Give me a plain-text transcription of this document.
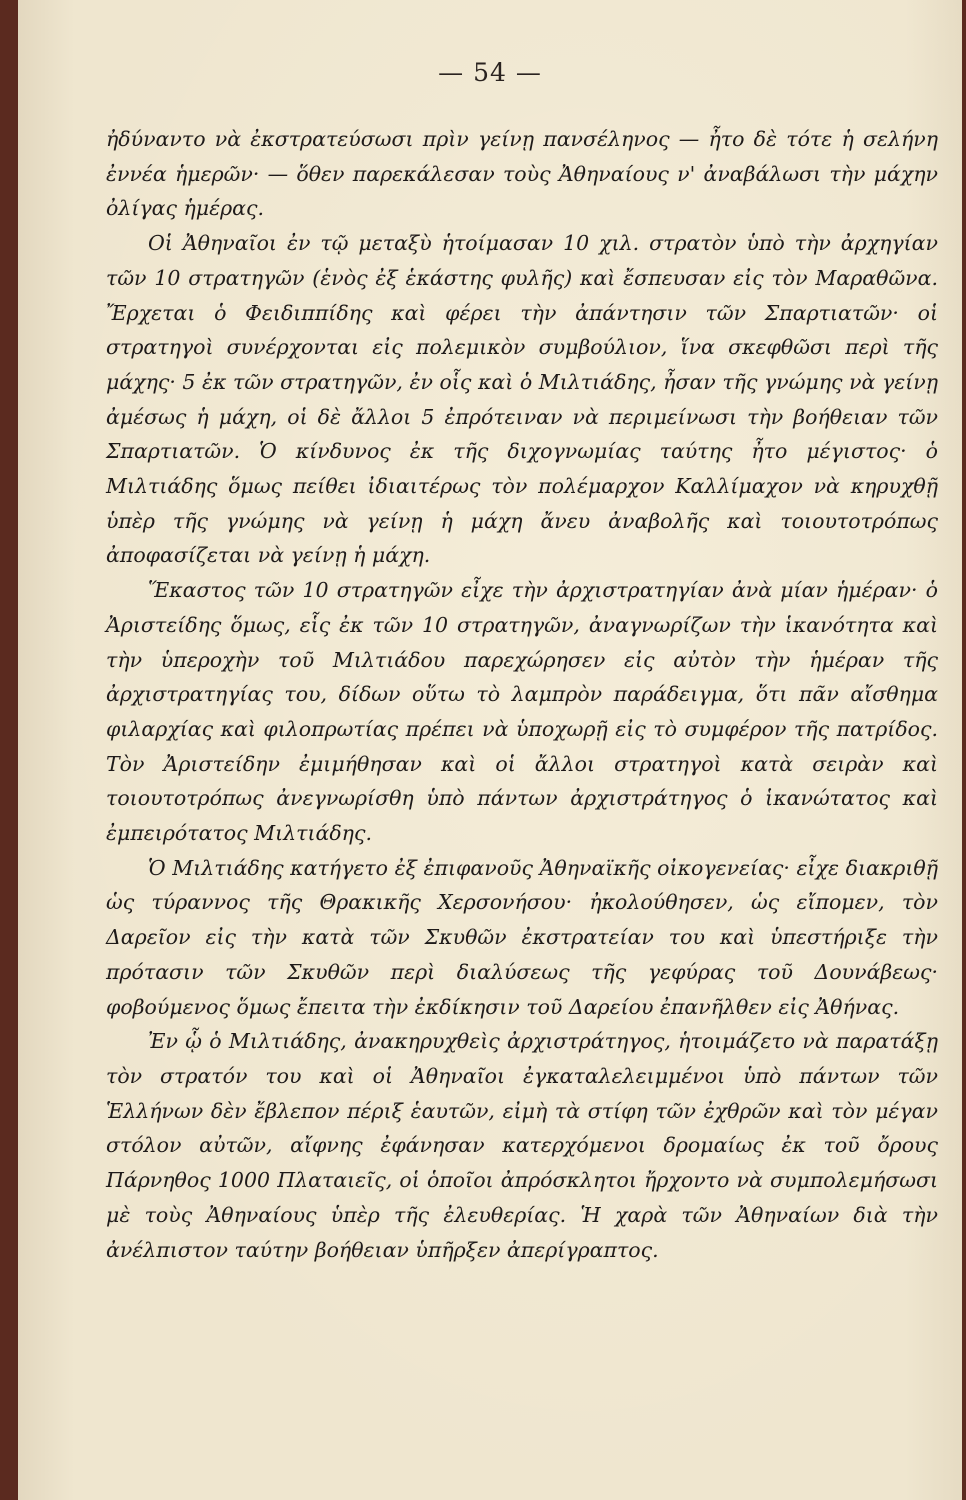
— 54 —

ἠδύναντο νὰ ἐκστρατεύσωσι πρὶν γείνῃ πανσέληνος — ἦτο δὲ τότε ἡ σελήνη ἐννέα ἡμερῶν· — ὅθεν παρεκάλεσαν τοὺς Ἀθηναίους ν' ἀναβάλωσι τὴν μάχην ὀλίγας ἡμέρας.

Οἱ Ἀθηναῖοι ἐν τῷ μεταξὺ ἡτοίμασαν 10 χιλ. στρατὸν ὑπὸ τὴν ἀρχηγίαν τῶν 10 στρατηγῶν (ἑνὸς ἐξ ἑκάστης φυλῆς) καὶ ἔσπευσαν εἰς τὸν Μαραθῶνα. Ἔρχεται ὁ Φειδιππίδης καὶ φέρει τὴν ἀπάντησιν τῶν Σπαρτιατῶν· οἱ στρατηγοὶ συνέρχονται εἰς πολεμικὸν συμβούλιον, ἵνα σκεφθῶσι περὶ τῆς μάχης· 5 ἐκ τῶν στρατηγῶν, ἐν οἷς καὶ ὁ Μιλτιάδης, ἦσαν τῆς γνώμης νὰ γείνῃ ἀμέσως ἡ μάχη, οἱ δὲ ἄλλοι 5 ἐπρότειναν νὰ περιμείνωσι τὴν βοήθειαν τῶν Σπαρτιατῶν. Ὁ κίνδυνος ἐκ τῆς διχογνωμίας ταύτης ἦτο μέγιστος· ὁ Μιλτιάδης ὅμως πείθει ἰδιαιτέρως τὸν πολέμαρχον Καλλίμαχον νὰ κηρυχθῇ ὑπὲρ τῆς γνώμης νὰ γείνῃ ἡ μάχη ἄνευ ἀναβολῆς καὶ τοιουτοτρόπως ἀποφασίζεται νὰ γείνῃ ἡ μάχη.

Ἕκαστος τῶν 10 στρατηγῶν εἶχε τὴν ἀρχιστρατηγίαν ἀνὰ μίαν ἡμέραν· ὁ Ἀριστείδης ὅμως, εἷς ἐκ τῶν 10 στρατηγῶν, ἀναγνωρίζων τὴν ἱκανότητα καὶ τὴν ὑπεροχὴν τοῦ Μιλτιάδου παρεχώρησεν εἰς αὐτὸν τὴν ἡμέραν τῆς ἀρχιστρατηγίας του, δίδων οὕτω τὸ λαμπρὸν παράδειγμα, ὅτι πᾶν αἴσθημα φιλαρχίας καὶ φιλοπρωτίας πρέπει νὰ ὑποχωρῇ εἰς τὸ συμφέρον τῆς πατρίδος. Τὸν Ἀριστείδην ἐμιμήθησαν καὶ οἱ ἄλλοι στρατηγοὶ κατὰ σειρὰν καὶ τοιουτοτρόπως ἀνεγνωρίσθη ὑπὸ πάντων ἀρχιστράτηγος ὁ ἱκανώτατος καὶ ἐμπειρότατος Μιλτιάδης.

Ὁ Μιλτιάδης κατήγετο ἐξ ἐπιφανοῦς Ἀθηναϊκῆς οἰκογενείας· εἶχε διακριθῇ ὡς τύραννος τῆς Θρακικῆς Χερσονήσου· ἠκολούθησεν, ὡς εἴπομεν, τὸν Δαρεῖον εἰς τὴν κατὰ τῶν Σκυθῶν ἐκστρατείαν του καὶ ὑπεστήριξε τὴν πρότασιν τῶν Σκυθῶν περὶ διαλύσεως τῆς γεφύρας τοῦ Δουνάβεως· φοβούμενος ὅμως ἔπειτα τὴν ἐκδίκησιν τοῦ Δαρείου ἐπανῆλθεν εἰς Ἀθήνας.

Ἐν ᾧ ὁ Μιλτιάδης, ἀνακηρυχθεὶς ἀρχιστράτηγος, ἡτοιμάζετο νὰ παρατάξῃ τὸν στρατόν του καὶ οἱ Ἀθηναῖοι ἐγκαταλελειμμένοι ὑπὸ πάντων τῶν Ἑλλήνων δὲν ἔβλεπον πέριξ ἑαυτῶν, εἰμὴ τὰ στίφη τῶν ἐχθρῶν καὶ τὸν μέγαν στόλον αὐτῶν, αἴφνης ἐφάνησαν κατερχόμενοι δρομαίως ἐκ τοῦ ὄρους Πάρνηθος 1000 Πλαταιεῖς, οἱ ὁποῖοι ἀπρόσκλητοι ἤρχοντο νὰ συμπολεμήσωσι μὲ τοὺς Ἀθηναίους ὑπὲρ τῆς ἐλευθερίας. Ἡ χαρὰ τῶν Ἀθηναίων διὰ τὴν ἀνέλπιστον ταύτην βοήθειαν ὑπῆρξεν ἀπερίγραπτος.
